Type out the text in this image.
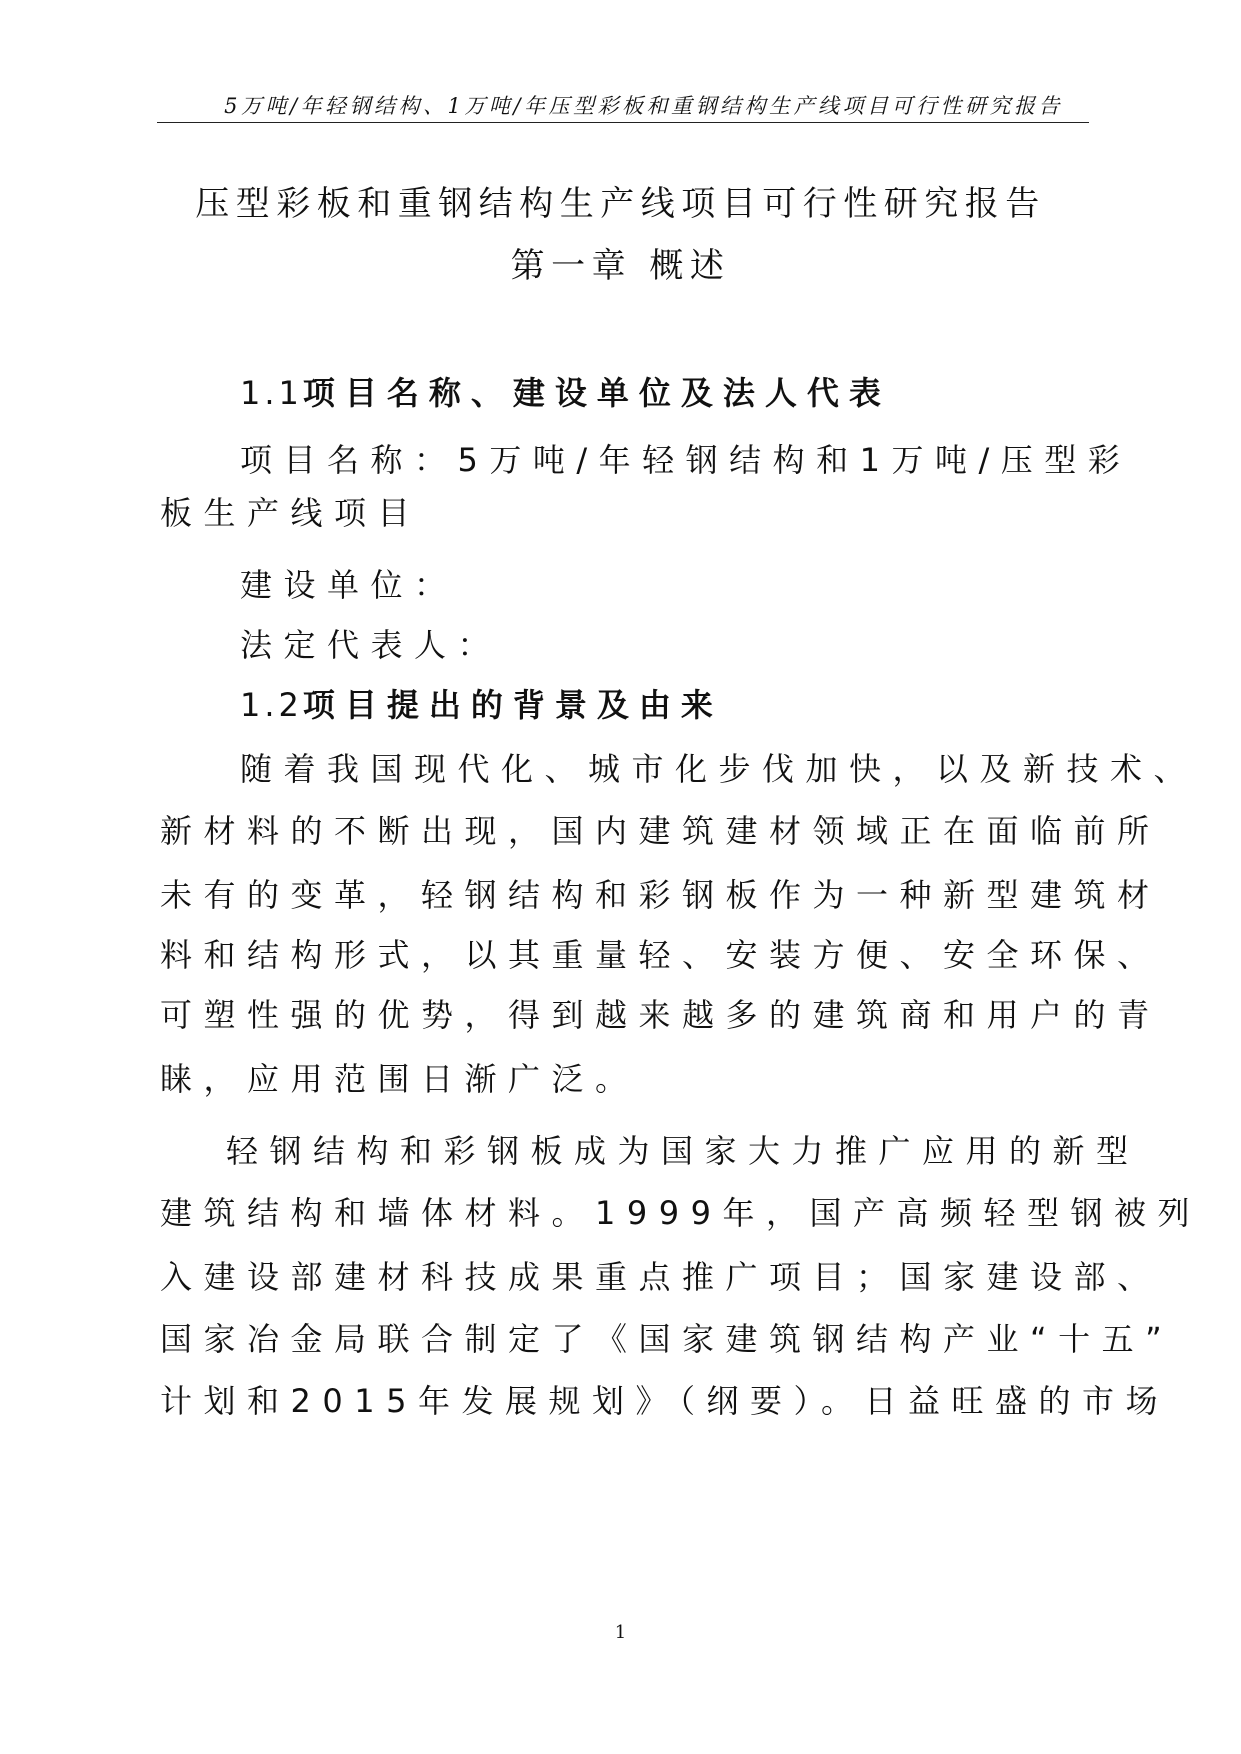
5万吨/年轻钢结构、1万吨/年压型彩板和重钢结构生产线项目可行性研究报告
压型彩板和重钢结构生产线项目可行性研究报告
第一章 概述
1.1项目名称、建设单位及法人代表
项目名称：5万吨/年轻钢结构和1万吨/压型彩
板生产线项目
建设单位：
法定代表人：
1.2项目提出的背景及由来
随着我国现代化、城市化步伐加快，以及新技术、
新材料的不断出现，国内建筑建材领域正在面临前所
未有的变革，轻钢结构和彩钢板作为一种新型建筑材
料和结构形式，以其重量轻、安装方便、安全环保、
可塑性强的优势，得到越来越多的建筑商和用户的青
睐，应用范围日渐广泛。
轻钢结构和彩钢板成为国家大力推广应用的新型
建筑结构和墙体材料。1999年，国产高频轻型钢被列
入建设部建材科技成果重点推广项目；国家建设部、
国家冶金局联合制定了《国家建筑钢结构产业“十五”
计划和2015年发展规划》（纲要）。日益旺盛的市场
1
